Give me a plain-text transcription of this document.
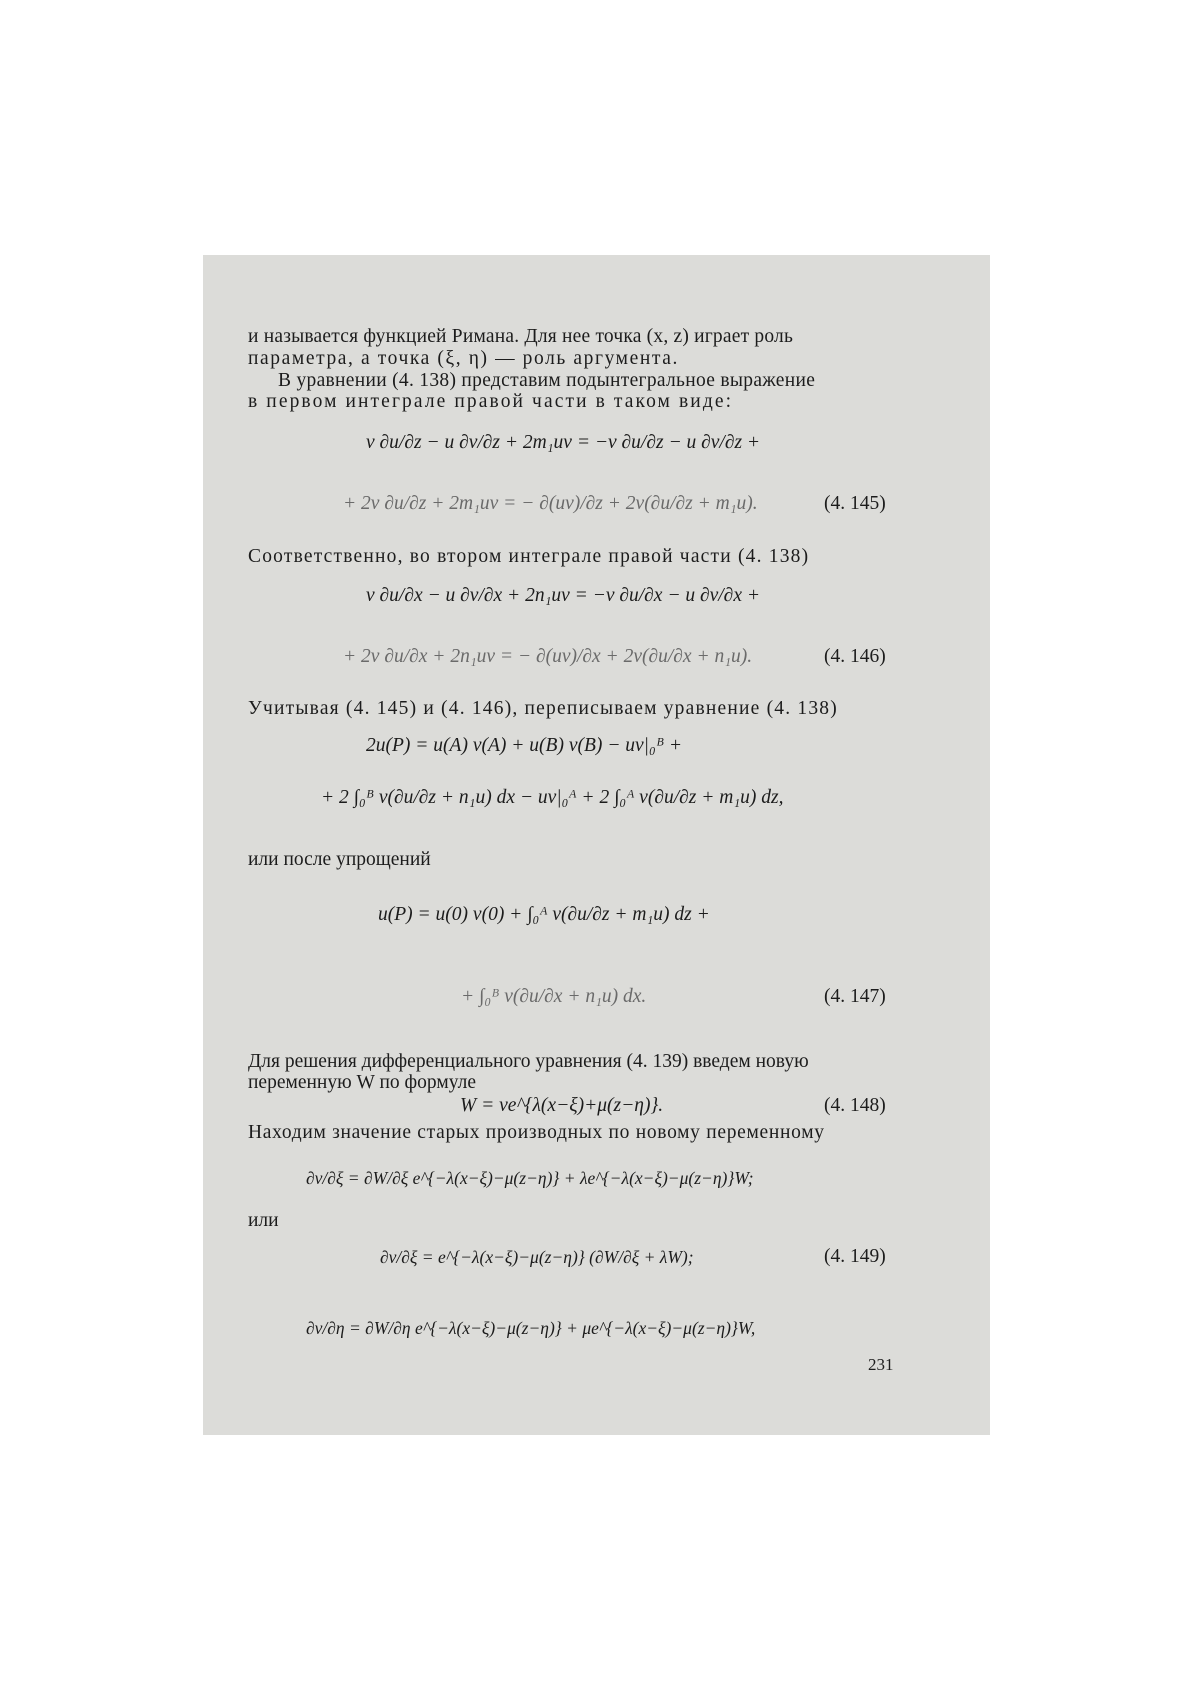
и называется функцией Римана. Для нее точка (x, z) играет роль
параметра, а точка (ξ, η) — роль аргумента.
В уравнении (4. 138) представим подынтегральное выражение
в первом интеграле правой части в таком виде:
v ∂u/∂z − u ∂v/∂z + 2m₁uv = −v ∂u/∂z − u ∂v/∂z +
+ 2v ∂u/∂z + 2m₁uv = − ∂(uv)/∂z + 2v(∂u/∂z + m₁u).	(4. 145)
Соответственно, во втором интеграле правой части (4. 138)
v ∂u/∂x − u ∂v/∂x + 2n₁uv = −v ∂u/∂x − u ∂v/∂x +
+ 2v ∂u/∂x + 2n₁uv = − ∂(uv)/∂x + 2v(∂u/∂x + n₁u).	(4. 146)
Учитывая (4. 145) и (4. 146), переписываем уравнение (4. 138)
2u(P) = u(A) v(A) + u(B) v(B) − uv|₀ᴮ +
+ 2 ∫₀ᴮ v(∂u/∂z + n₁u) dx − uv|₀ᴬ + 2 ∫₀ᴬ v(∂u/∂z + m₁u) dz,
или после упрощений
u(P) = u(0) v(0) + ∫₀ᴬ v(∂u/∂z + m₁u) dz +
+ ∫₀ᴮ v(∂u/∂x + n₁u) dx.	(4. 147)
Для решения дифференциального уравнения (4. 139) введем новую
переменную W по формуле
W = ve^{λ(x−ξ)+μ(z−η)}.	(4. 148)
Находим значение старых производных по новому переменному
∂v/∂ξ = ∂W/∂ξ e^{−λ(x−ξ)−μ(z−η)} + λe^{−λ(x−ξ)−μ(z−η)}W;
или
∂v/∂ξ = e^{−λ(x−ξ)−μ(z−η)} (∂W/∂ξ + λW);	(4. 149)
∂v/∂η = ∂W/∂η e^{−λ(x−ξ)−μ(z−η)} + μe^{−λ(x−ξ)−μ(z−η)}W,
231
